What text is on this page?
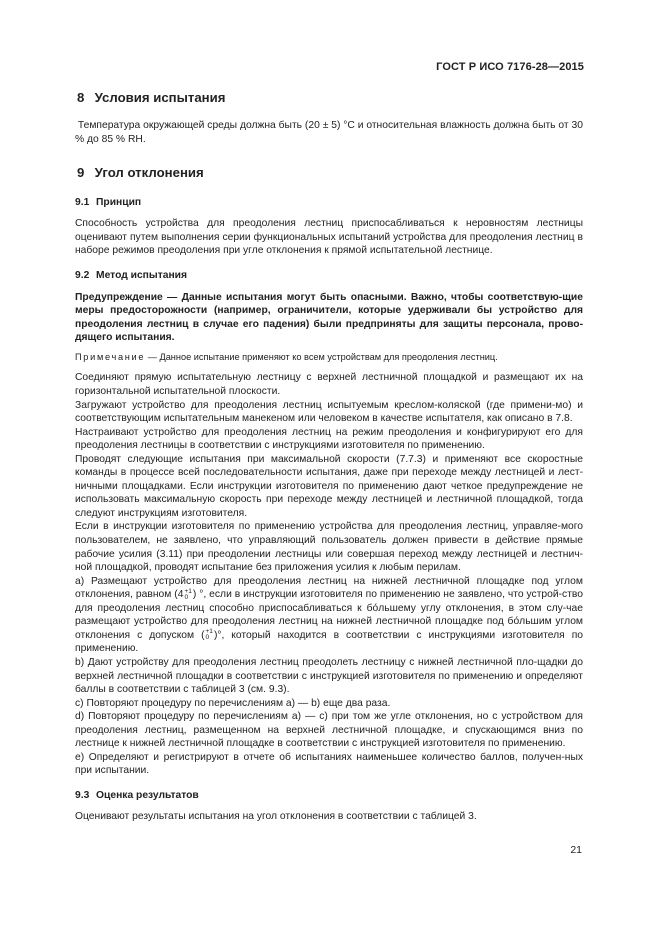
ГОСТ Р ИСО 7176-28—2015
8 Условия испытания

Температура окружающей среды должна быть (20 ± 5) °С и относительная влажность должна быть от 30 % до 85 % RH.

9 Угол отклонения
9.1 Принцип

Способность устройства для преодоления лестниц приспосабливаться к неровностям лестницы оценивают путем выполнения серии функциональных испытаний устройства для преодоления лестниц в наборе режимов преодоления при угле отклонения к прямой испытательной лестнице.

9.2 Метод испытания

Предупреждение — Данные испытания могут быть опасными. Важно, чтобы соответствую-щие меры предосторожности (например, ограничители, которые удерживали бы устройство для преодоления лестниц в случае его падения) были предприняты для защиты персонала, прово-дящего испытания.

Примечание — Данное испытание применяют ко всем устройствам для преодоления лестниц.

Соединяют прямую испытательную лестницу с верхней лестничной площадкой и размещают их на горизонтальной испытательной плоскости.

Загружают устройство для преодоления лестниц испытуемым креслом-коляской (где примени-мо) и соответствующим испытательным манекеном или человеком в качестве испытателя, как описано в 7.8.

Настраивают устройство для преодоления лестниц на режим преодоления и конфигурируют его для преодоления лестницы в соответствии с инструкциями изготовителя по применению.

Проводят следующие испытания при максимальной скорости (7.7.3) и применяют все скоростные команды в процессе всей последовательности испытания, даже при переходе между лестницей и лест-ничными площадками. Если инструкции изготовителя по применению дают четкое предупреждение не использовать максимальную скорость при переходе между лестницей и лестничной площадкой, тогда следуют инструкциям изготовителя.

Если в инструкции изготовителя по применению устройства для преодоления лестниц, управляе-мого пользователем, не заявлено, что управляющий пользователь должен привести в действие прямые рабочие усилия (3.11) при преодолении лестницы или совершая переход между лестницей и лестнич-ной площадкой, проводят испытание без приложения усилия к любым перилам.

а) Размещают устройство для преодоления лестниц на нижней лестничной площадке под углом отклонения, равном (4 +1
0 ) °, если в инструкции изготовителя по применению не заявлено, что устрой-ство для преодоления лестниц способно приспосабливаться к бо́льшему углу отклонения, в этом слу-чае размещают устройство для преодоления лестниц на нижней лестничной площадке под бо́льшим углом отклонения с допуском ( +1
0 )°, который находится в соответствии с инструкциями изготовителя по применению.

b) Дают устройству для преодоления лестниц преодолеть лестницу с нижней лестничной пло-щадки до верхней лестничной площадки в соответствии с инструкцией изготовителя по применению и определяют баллы в соответствии с таблицей 3 (см. 9.3).

с) Повторяют процедуру по перечислениям а) — b) еще два раза.

d) Повторяют процедуру по перечислениям а) — с) при том же угле отклонения, но с устройством для преодоления лестниц, размещенном на верхней лестничной площадке, и спускающимся вниз по лестнице к нижней лестничной площадке в соответствии с инструкцией изготовителя по применению.

е) Определяют и регистрируют в отчете об испытаниях наименьшее количество баллов, получен-ных при испытании.

9.3 Оценка результатов

Оценивают результаты испытания на угол отклонения в соответствии с таблицей 3.

21
